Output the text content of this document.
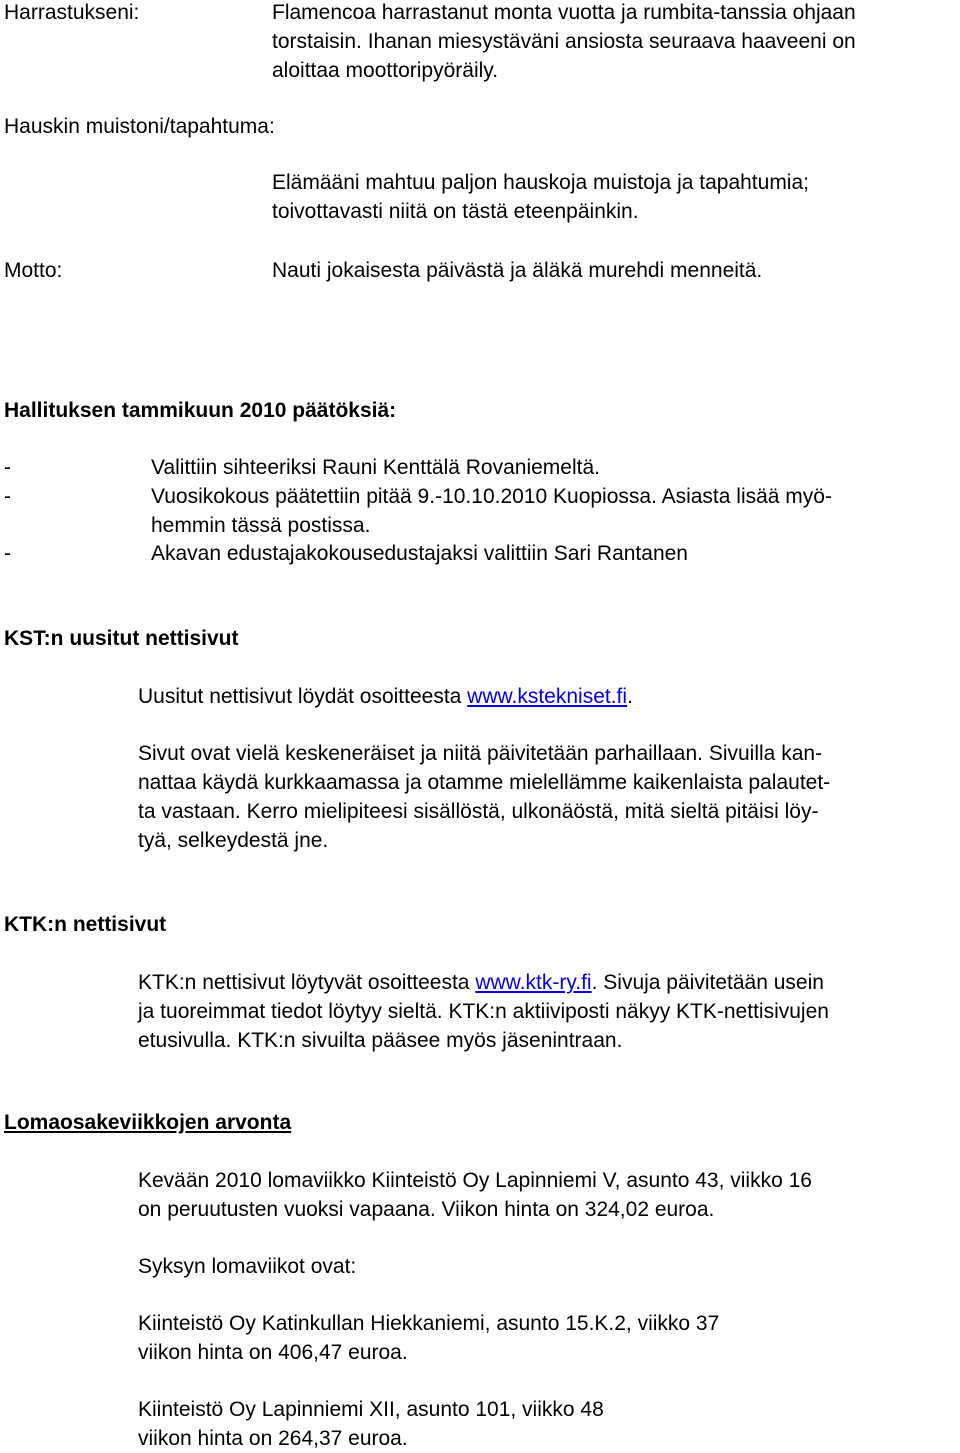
Harrastukseni:	Flamencoa harrastanut monta vuotta ja rumbita-tanssia ohjaan
torstaisin. Ihanan miesystäväni ansiosta seuraava haaveeni on
aloittaa moottoripyöräily.

Hauskin muistoni/tapahtuma:

Elämääni mahtuu paljon hauskoja muistoja ja tapahtumia;
toivottavasti niitä on tästä eteenpäinkin.

Motto:	Nauti jokaisesta päivästä ja äläkä murehdi menneitä.

Hallituksen tammikuun 2010 päätöksiä:

-	Valittiin sihteeriksi Rauni Kenttälä Rovaniemeltä.

-	Vuosikokous päätettiin pitää 9.-10.10.2010 Kuopiossa. Asiasta lisää myö-
hemmin tässä postissa.

-	Akavan edustajakokousedustajaksi valittiin Sari Rantanen

KST:n uusitut nettisivut

Uusitut nettisivut löydät osoitteesta www.kstekniset.fi.

Sivut ovat vielä keskeneräiset ja niitä päivitetään parhaillaan. Sivuilla kan-
nattaa käydä kurkkaamassa ja otamme mielellämme kaikenlaista palautet-
ta vastaan. Kerro mielipiteesi sisällöstä, ulkonäöstä, mitä sieltä pitäisi löy-
tyä, selkeydestä jne.

KTK:n nettisivut

KTK:n nettisivut löytyvät osoitteesta www.ktk-ry.fi. Sivuja päivitetään usein
ja tuoreimmat tiedot löytyy sieltä. KTK:n aktiiviposti näkyy KTK-nettisivujen
etusivulla. KTK:n sivuilta pääsee myös jäsenintraan.

Lomaosakeviikkojen arvonta

Kevään 2010 lomaviikko Kiinteistö Oy Lapinniemi V, asunto 43, viikko 16
on peruutusten vuoksi vapaana. Viikon hinta on 324,02 euroa.

Syksyn lomaviikot ovat:

Kiinteistö Oy Katinkullan Hiekkaniemi, asunto 15.K.2, viikko 37
viikon hinta on 406,47 euroa.
Kiinteistö Oy Lapinniemi XII, asunto 101, viikko 48
viikon hinta on 264,37 euroa.
